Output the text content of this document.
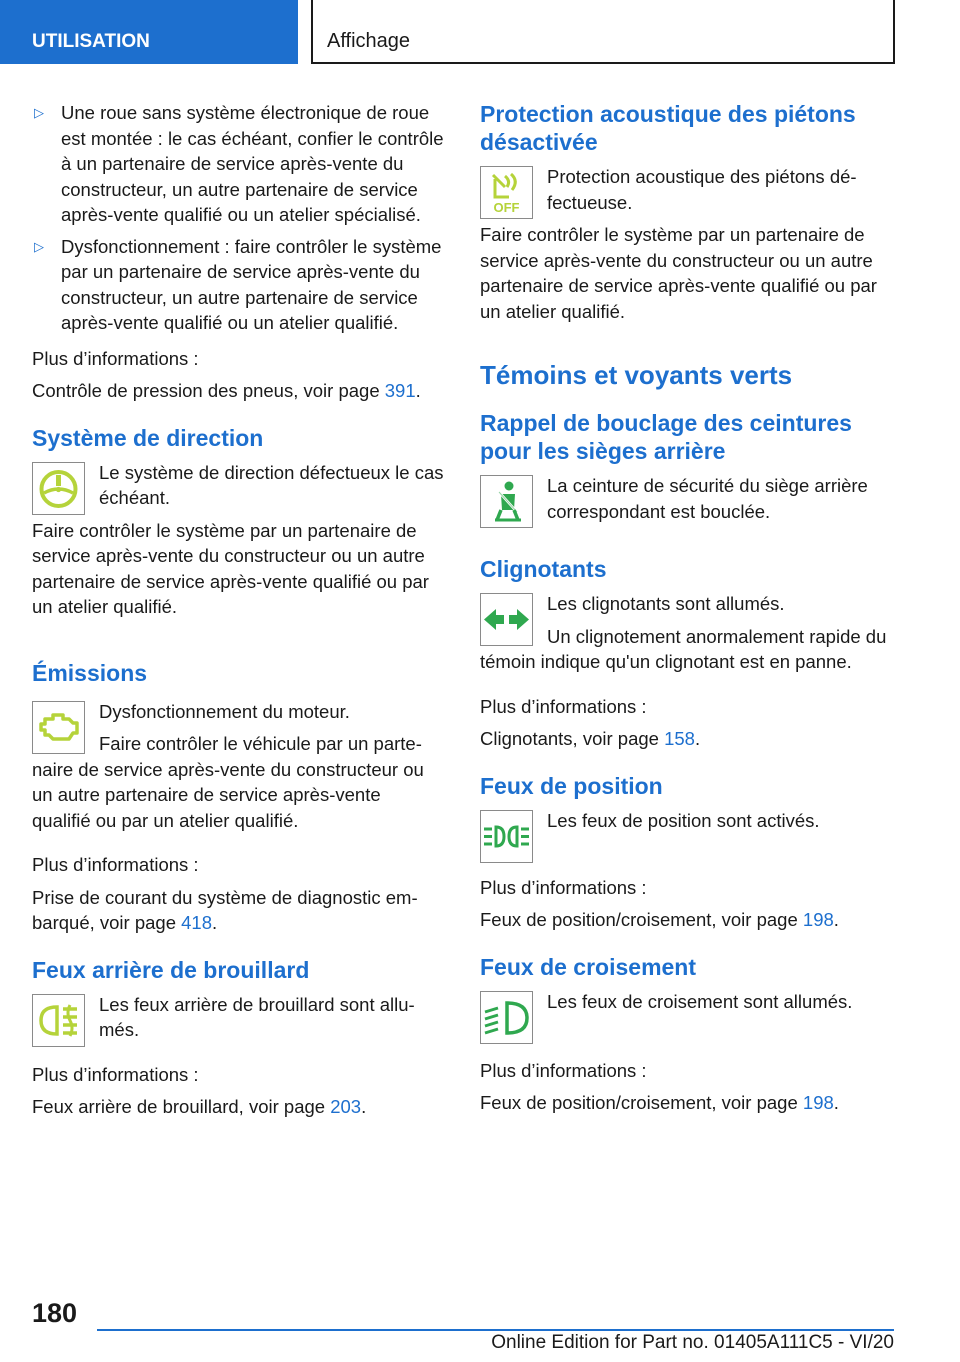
UTILISATION	Affichage
▷ Une roue sans système électronique de roue est montée : le cas échéant, confier le contrôle à un partenaire de service après-vente du constructeur, un autre partenaire de service après-vente qualifié ou un atelier spécialisé.
▷ Dysfonctionnement : faire contrôler le système par un partenaire de service après-vente du constructeur, un autre partenaire de service après-vente qualifié ou un atelier qualifié.

Plus d’informations :

Contrôle de pression des pneus, voir page 391.

Système de direction

Le système de direction défectueux le cas échéant.

Faire contrôler le système par un partenaire de service après-vente du constructeur ou un autre partenaire de service après-vente qualifié ou par un atelier qualifié.

Émissions

Dysfonctionnement du moteur.

Faire contrôler le véhicule par un partenaire de service après-vente du constructeur ou un autre partenaire de service après-vente qualifié ou par un atelier qualifié.

Plus d’informations :

Prise de courant du système de diagnostic embarqué, voir page 418.

Feux arrière de brouillard

Les feux arrière de brouillard sont allumés.

Plus d’informations :

Feux arrière de brouillard, voir page 203.

Protection acoustique des piétons désactivée
OFF

Protection acoustique des piétons défectueuse.

Faire contrôler le système par un partenaire de service après-vente du constructeur ou un autre partenaire de service après-vente qualifié ou par un atelier qualifié.

Témoins et voyants verts
Rappel de bouclage des ceintures pour les sièges arrière

La ceinture de sécurité du siège arrière correspondant est bouclée.

Clignotants

Les clignotants sont allumés.

Un clignotement anormalement rapide du témoin indique qu'un clignotant est en panne.

Plus d’informations :

Clignotants, voir page 158.

Feux de position

Les feux de position sont activés.

Plus d’informations :

Feux de position/croisement, voir page 198.

Feux de croisement

Les feux de croisement sont allumés.

Plus d’informations :

Feux de position/croisement, voir page 198.

180
Online Edition for Part no. 01405A111C5 - VI/20
